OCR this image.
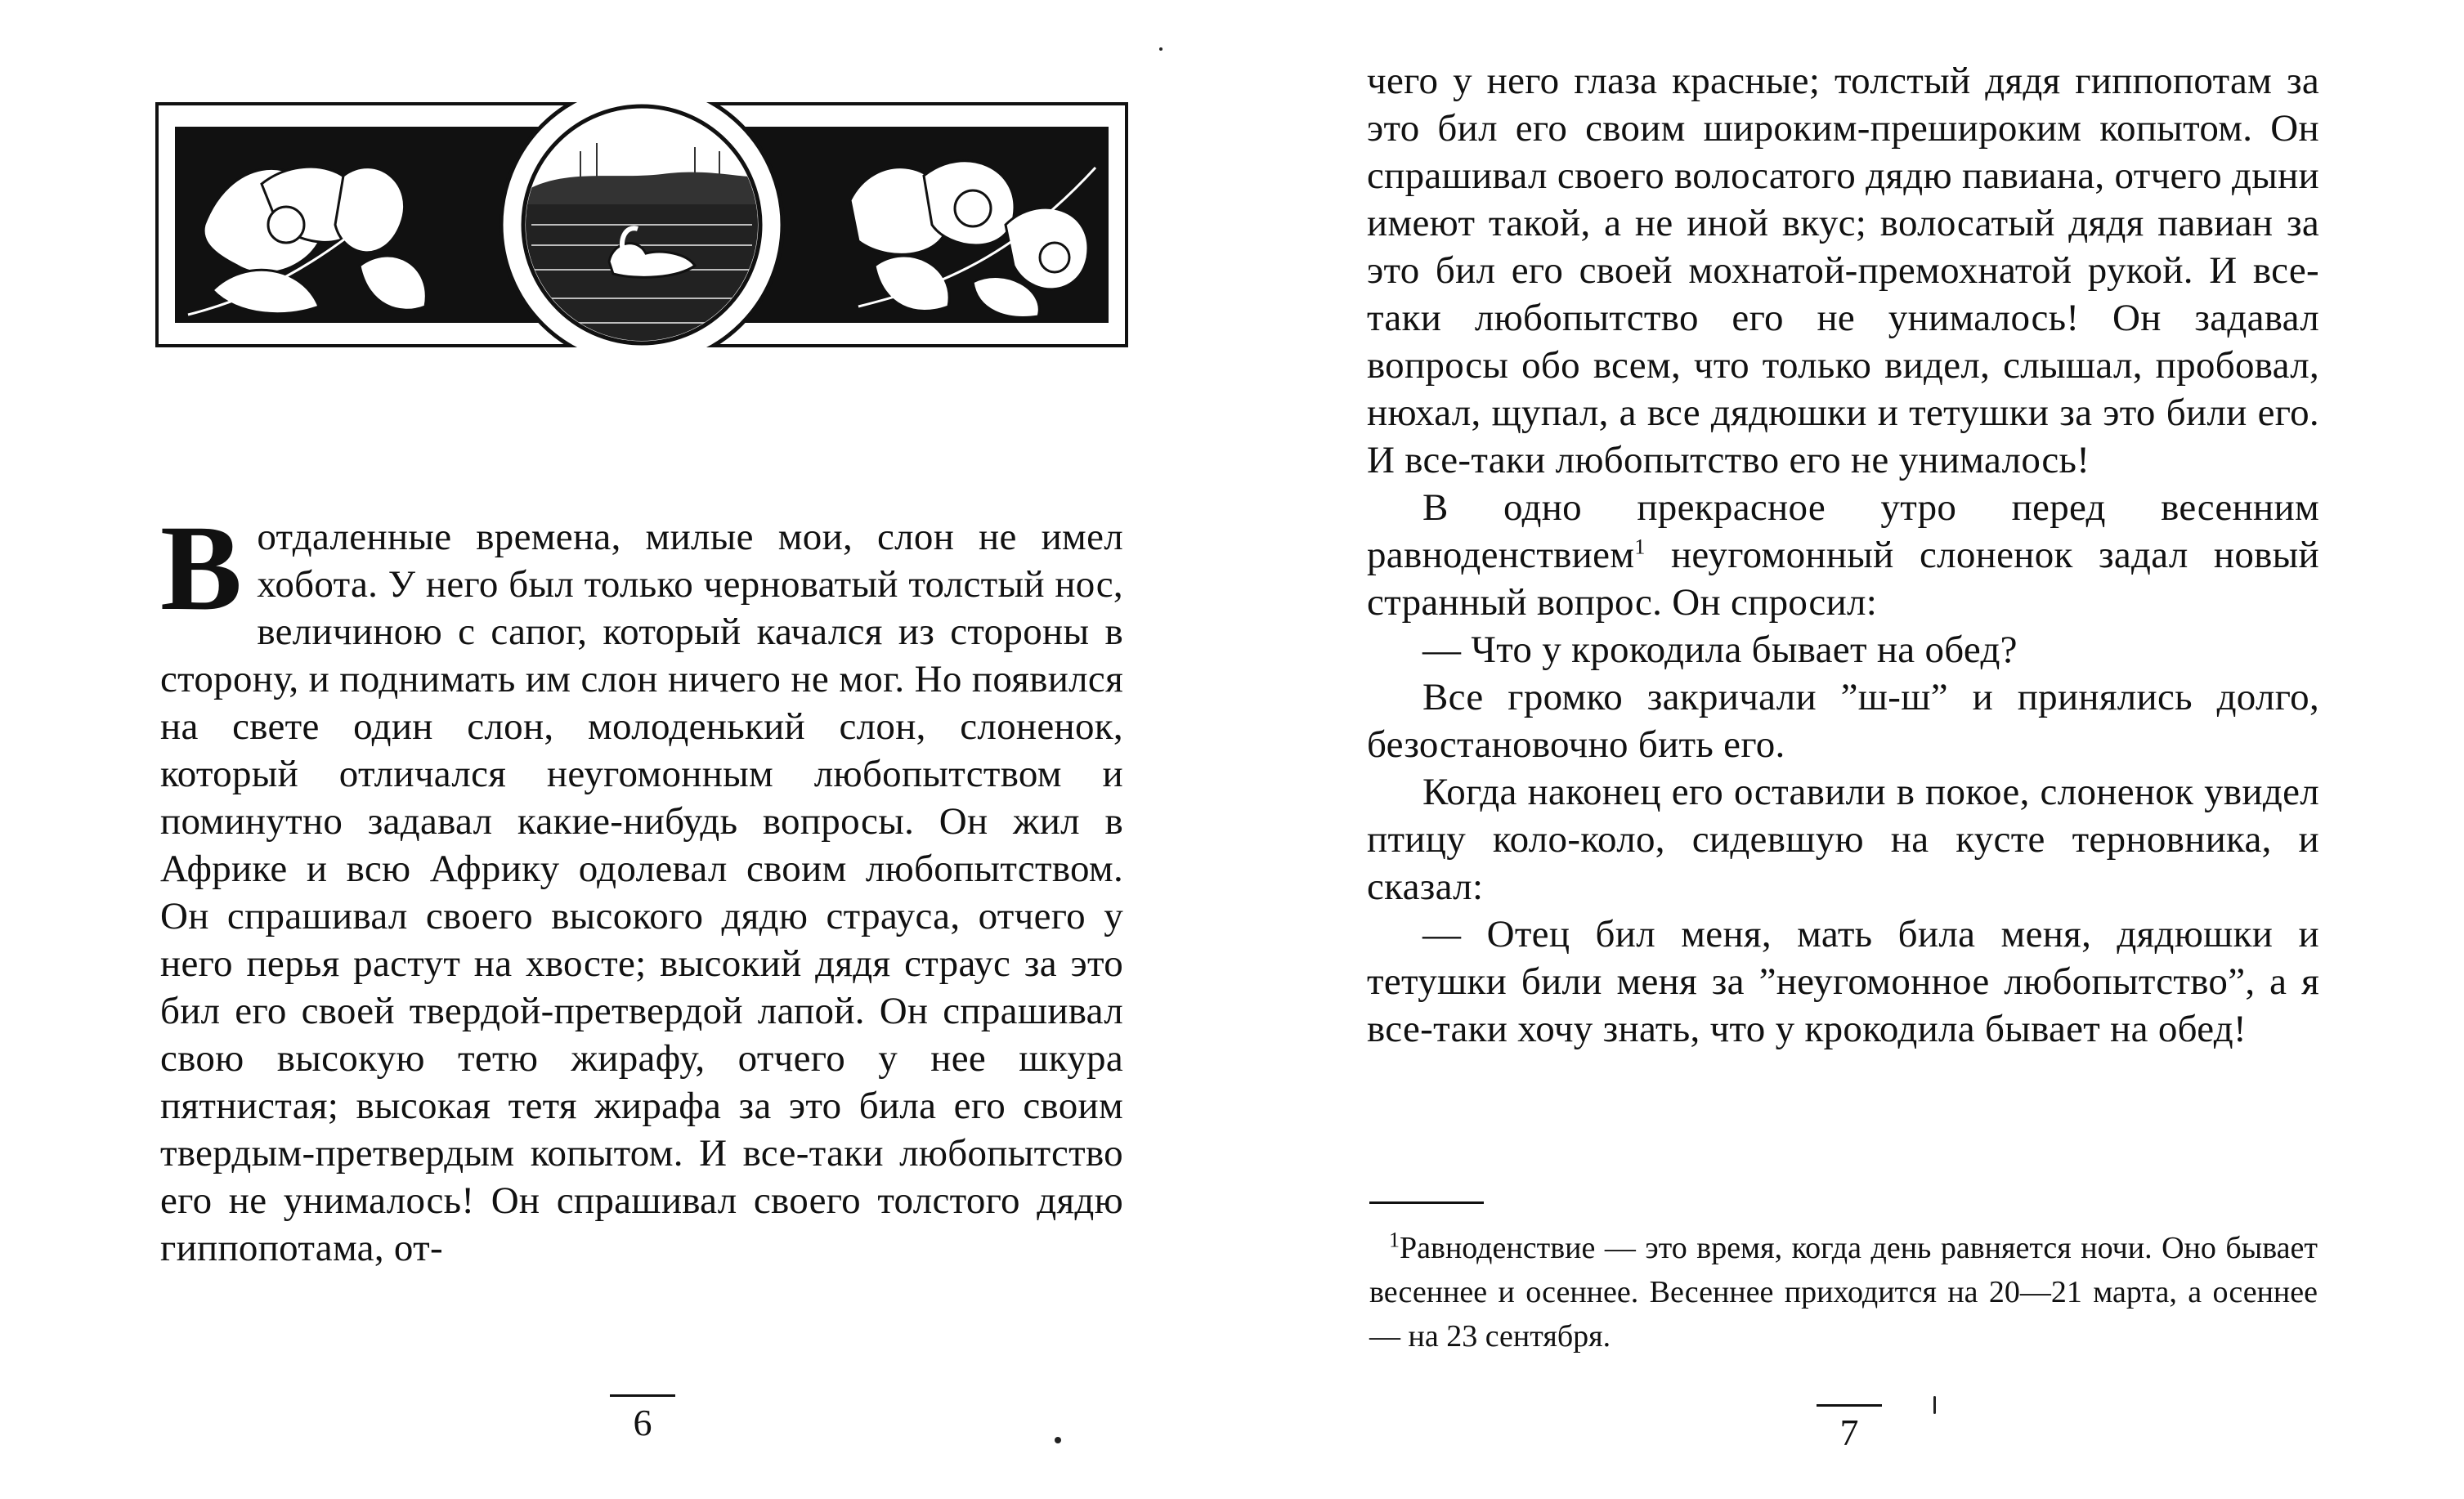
В отдаленные времена, милые мои, слон не имел хобота. У него был только черноватый толстый нос, величиною с сапог, который качался из стороны в сторону, и поднимать им слон ничего не мог. Но появился на свете один слон, молоденький слон, слоненок, который отличался неугомонным любопытством и поминутно задавал какие-нибудь вопросы. Он жил в Африке и всю Африку одолевал своим любопытством. Он спрашивал своего высокого дядю страуса, отчего у него перья растут на хвосте; высокий дядя страус за это бил его своей твердой-претвердой лапой. Он спрашивал свою высокую тетю жирафу, отчего у нее шкура пятнистая; высокая тетя жирафа за это била его своим твердым-претвердым копытом. И все-таки любопытство его не унималось! Он спрашивал своего толстого дядю гиппопотама, от-

6

чего у него глаза красные; толстый дядя гиппопотам за это бил его своим широким-прешироким копытом. Он спрашивал своего волосатого дядю павиана, отчего дыни имеют такой, а не иной вкус; волосатый дядя павиан за это бил его своей мохнатой-премохнатой рукой. И все-таки любопытство его не унималось! Он задавал вопросы обо всем, что только видел, слышал, пробовал, нюхал, щупал, а все дядюшки и тетушки за это били его. И все-таки любопытство его не унималось!

В одно прекрасное утро перед весенним равноденствием$^1$ неугомонный слоненок задал новый странный вопрос. Он спросил:

— Что у крокодила бывает на обед?

Все громко закричали ”ш-ш” и принялись долго, безостановочно бить его.

Когда наконец его оставили в покое, слоненок увидел птицу коло-коло, сидевшую на кусте терновника, и сказал:

— Отец бил меня, мать била меня, дядюшки и тетушки били меня за ”неугомонное любопытство”, а я все-таки хочу знать, что у крокодила бывает на обед!

$^1$Равноденствие — это время, когда день равняется ночи. Оно бывает весеннее и осеннее. Весеннее приходится на 20—21 марта, а осеннее — на 23 сентября.
7
